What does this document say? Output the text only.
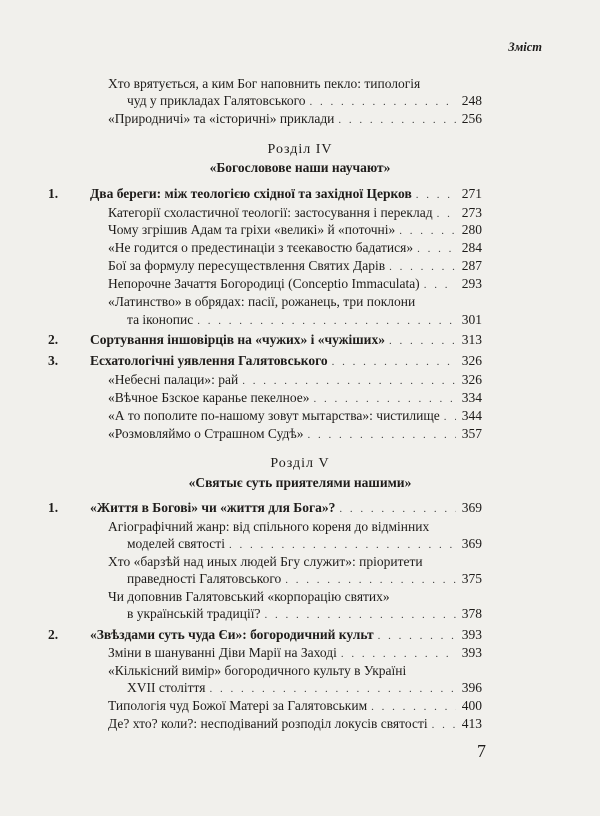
Зміст
Хто врятується, а ким Бог наповнить пекло: типологія
чуд у прикладах Галятовського . . .	248
«Природничі» та «історичні» приклади . . .	256
Розділ IV
«Богословове наши научают»
1. Два береги: між теологією східної та західної Церков . . .	271
Категорії схоластичної теології: застосування і переклад . . . 273
Чому згрішив Адам та гріхи «великі» й «поточні» . . .	280
«Не годится о предестинаціи з тєекавостю бадатися» . . .	284
Бої за формулу пересуществлення Святих Дарів . . .	287
Непорочне Зачаття Богородиці (Conceptio Immaculata) . . .	293
«Латинство» в обрядах: пасії, рожанець, три поклони
та іконопис . . .	301
2. Сортування іншовірців на «чужих» і «чужіших» . . .	313
3. Есхатологічні уявлення Галятовського . . .	326
«Небесні палаци»: рай . . .	326
«Вѣчное Бзское каранье пекелное» . . .	334
«А то пополите по-нашому зовут мытарства»: чистилище . . . 344
«Розмовляймо о Страшном Судѣ» . . .	357
Розділ V
«Святыє суть приятелями нашими»
1. «Життя в Богові» чи «життя для Бога»? . . .	369
Агіографічний жанр: від спільного кореня до відмінних
моделей святості . . .	369
Хто «барзѣй над иных людей Бгу служит»: пріоритети
праведності Галятовського . . .	375
Чи доповнив Галятовський «корпорацію святих»
в українській традиції? . . .	378
2. «Звѣздами суть чуда Єи»: богородичний культ . . .	393
Зміни в шануванні Діви Марії на Заході . . .	393
«Кількісний вимір» богородичного культу в Україні
XVII століття . . .	396
Типологія чуд Божої Матері за Галятовським . . .	400
Де? хто? коли?: несподіваний розподіл локусів святості . . .	413
7
